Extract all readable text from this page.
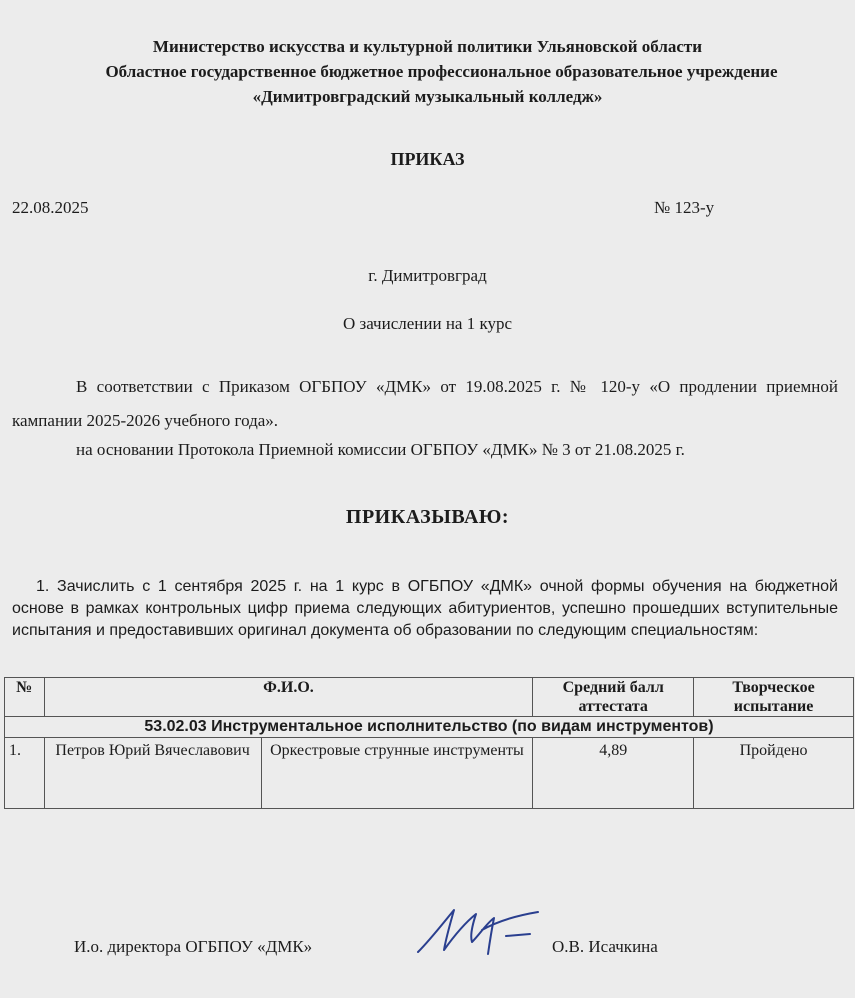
Министерство искусства и культурной политики Ульяновской области
Областное государственное бюджетное профессиональное образовательное учреждение
«Димитровградский музыкальный колледж»
ПРИКАЗ
22.08.2025	№ 123-у
г. Димитровград
О зачислении на 1 курс
В соответствии с Приказом ОГБПОУ «ДМК» от 19.08.2025 г. № 120-у «О продлении приемной кампании 2025-2026 учебного года».
на основании Протокола Приемной комиссии ОГБПОУ «ДМК» № 3 от 21.08.2025 г.
ПРИКАЗЫВАЮ:
1. Зачислить с 1 сентября 2025 г. на 1 курс в ОГБПОУ «ДМК» очной формы обучения на бюджетной основе в рамках контрольных цифр приема следующих абитуриентов, успешно прошедших вступительные испытания и предоставивших оригинал документа об образовании по следующим специальностям:
№	Ф.И.О.		Средний балл аттестата	Творческое испытание
53.02.03 Инструментальное исполнительство (по видам инструментов)				
1.	Петров Юрий Вячеславович	Оркестровые струнные инструменты	4,89	Пройдено
И.о. директора ОГБПОУ «ДМК»	О.В. Исачкина
